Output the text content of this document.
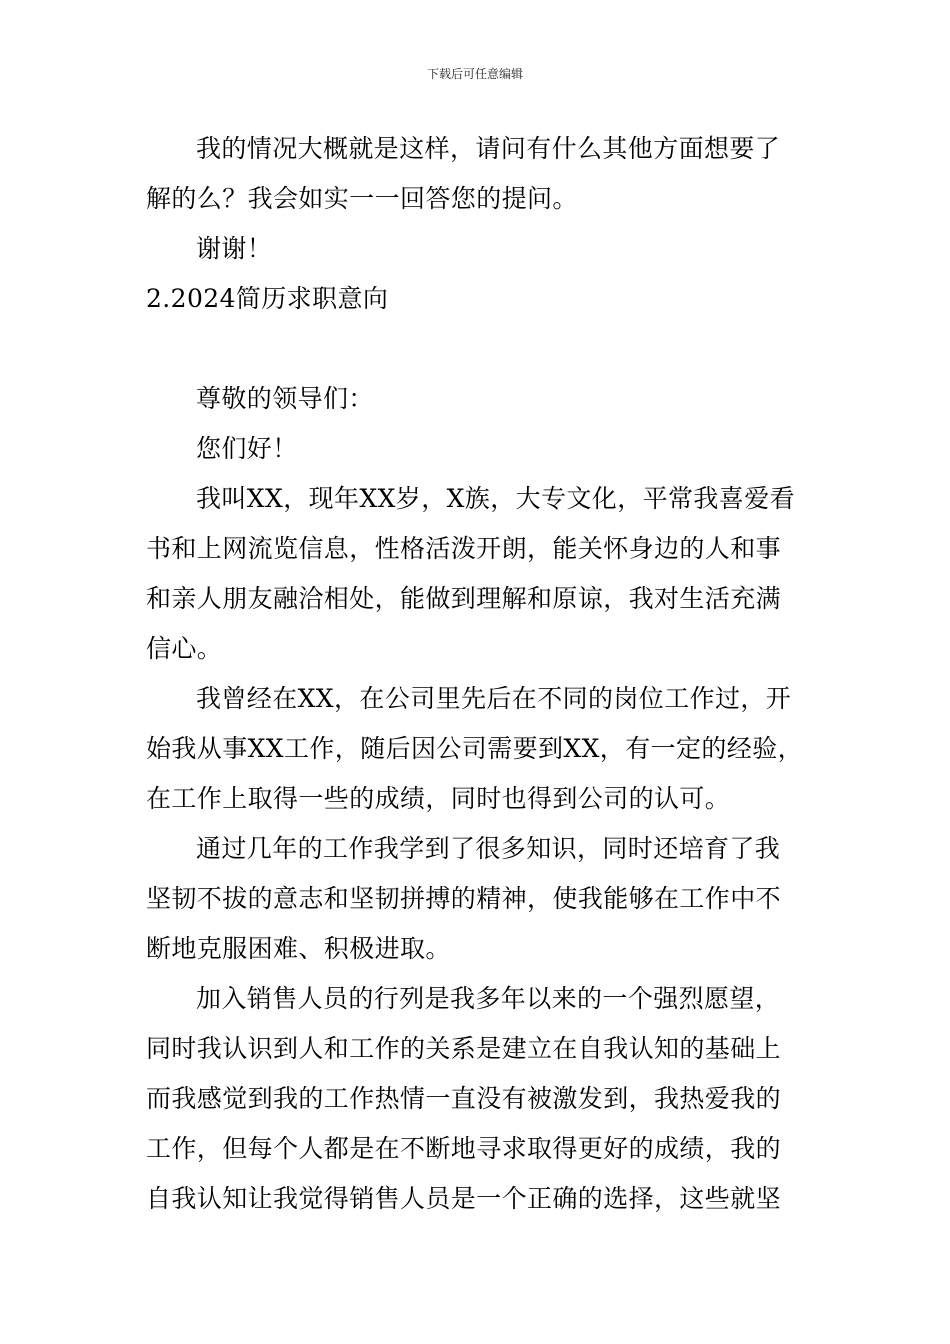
下载后可任意编辑
我的情况大概就是这样，请问有什么其他方面想要了
解的么？我会如实一一回答您的提问。
谢谢！
2.2024简历求职意向
尊敬的领导们：
您们好！
我叫XX，现年XX岁，X族，大专文化，平常我喜爱看
书和上网流览信息，性格活泼开朗，能关怀身边的人和事
和亲人朋友融洽相处，能做到理解和原谅，我对生活充满
信心。
我曾经在XX，在公司里先后在不同的岗位工作过，开
始我从事XX工作，随后因公司需要到XX，有一定的经验，
在工作上取得一些的成绩，同时也得到公司的认可。
通过几年的工作我学到了很多知识，同时还培育了我
坚韧不拔的意志和坚韧拼搏的精神，使我能够在工作中不
断地克服困难、积极进取。
加入销售人员的行列是我多年以来的一个强烈愿望，
同时我认识到人和工作的关系是建立在自我认知的基础上
而我感觉到我的工作热情一直没有被激发到，我热爱我的
工作，但每个人都是在不断地寻求取得更好的成绩，我的
自我认知让我觉得销售人员是一个正确的选择，这些就坚
